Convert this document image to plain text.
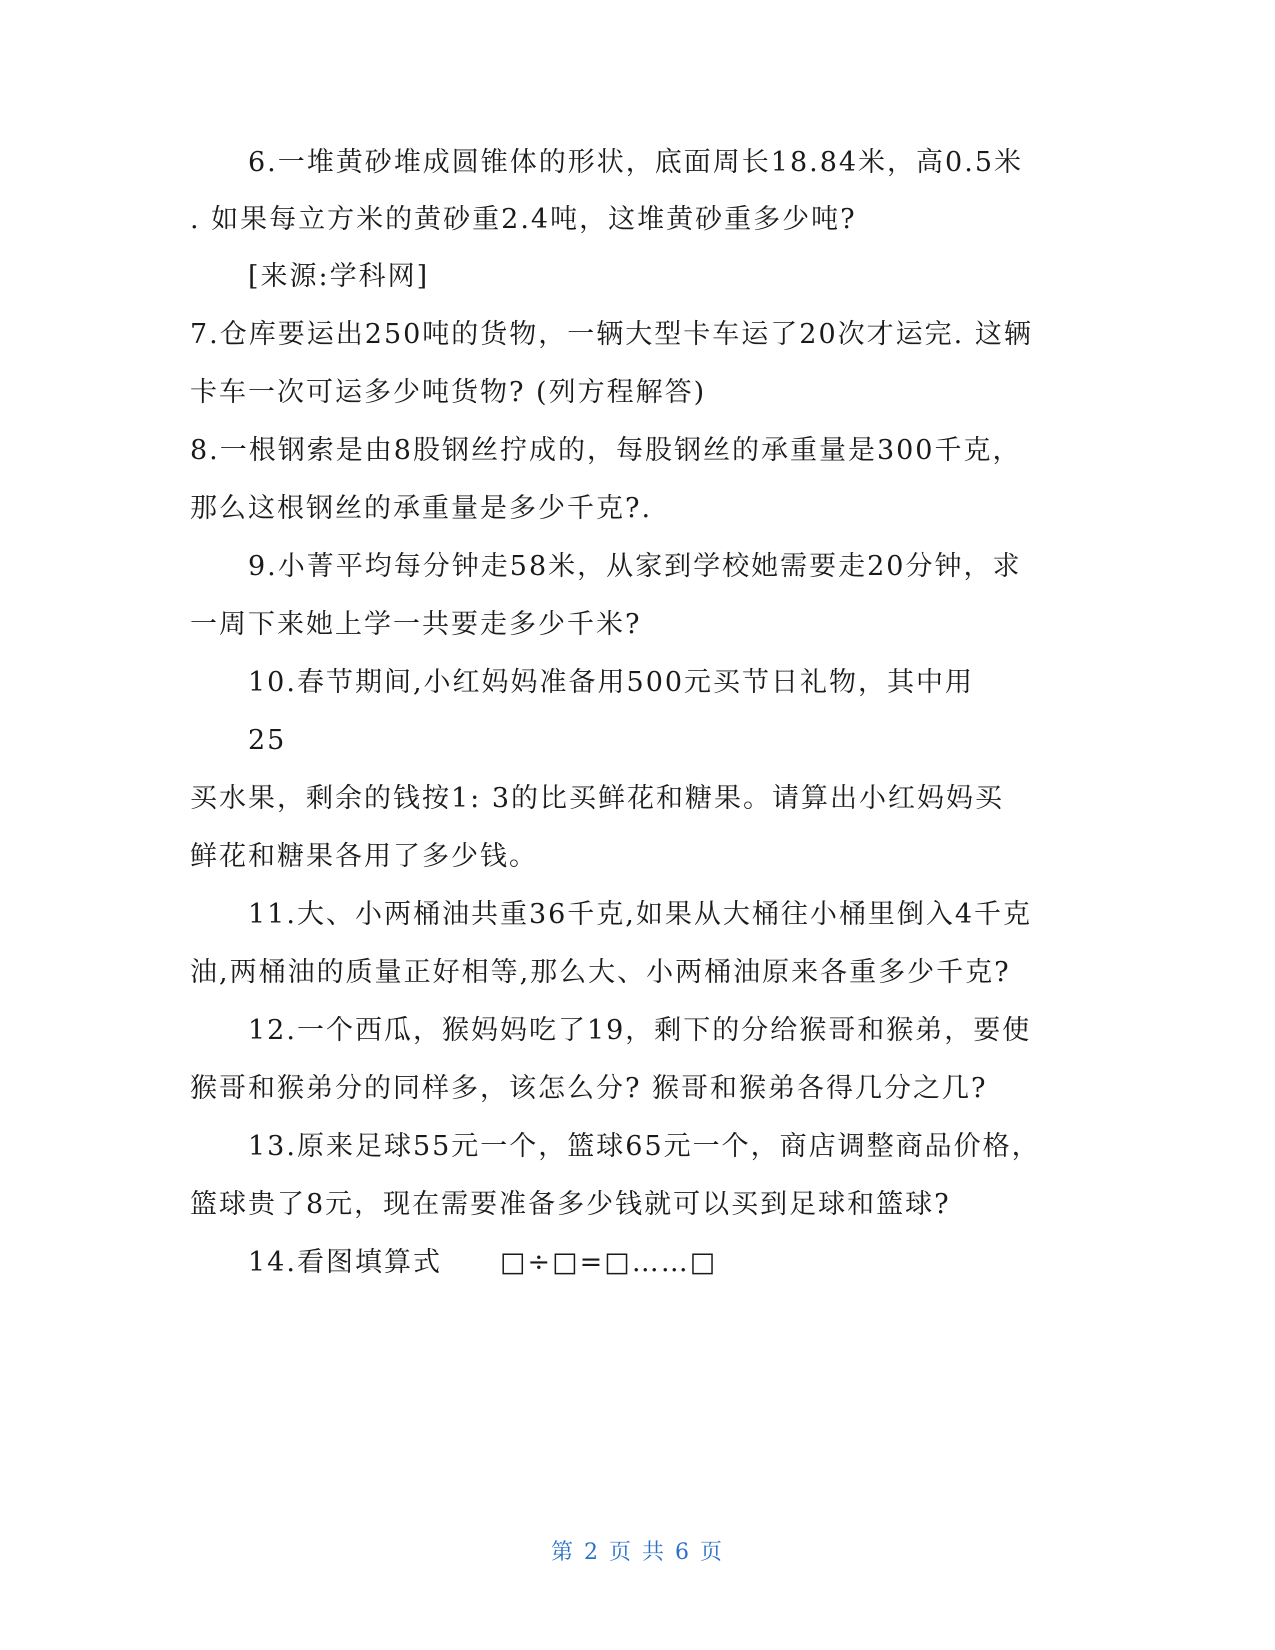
6.一堆黄砂堆成圆锥体的形状，底面周长18.84米，高0.5米
. 如果每立方米的黄砂重2.4吨，这堆黄砂重多少吨?
[来源:学科网]
7.仓库要运出250吨的货物，一辆大型卡车运了20次才运完. 这辆
卡车一次可运多少吨货物? (列方程解答)
8.一根钢索是由8股钢丝拧成的，每股钢丝的承重量是300千克，
那么这根钢丝的承重量是多少千克?.
9.小菁平均每分钟走58米，从家到学校她需要走20分钟，求
一周下来她上学一共要走多少千米?
10.春节期间,小红妈妈准备用500元买节日礼物，其中用
25
买水果，剩余的钱按1: 3的比买鲜花和糖果。请算出小红妈妈买
鲜花和糖果各用了多少钱。
11.大、小两桶油共重36千克,如果从大桶往小桶里倒入4千克
油,两桶油的质量正好相等,那么大、小两桶油原来各重多少千克?
12.一个西瓜，猴妈妈吃了19，剩下的分给猴哥和猴弟，要使
猴哥和猴弟分的同样多，该怎么分? 猴哥和猴弟各得几分之几?
13.原来足球55元一个，篮球65元一个，商店调整商品价格，
篮球贵了8元，现在需要准备多少钱就可以买到足球和篮球?
14.看图填算式　　□÷□=□……□
第 2 页 共 6 页
